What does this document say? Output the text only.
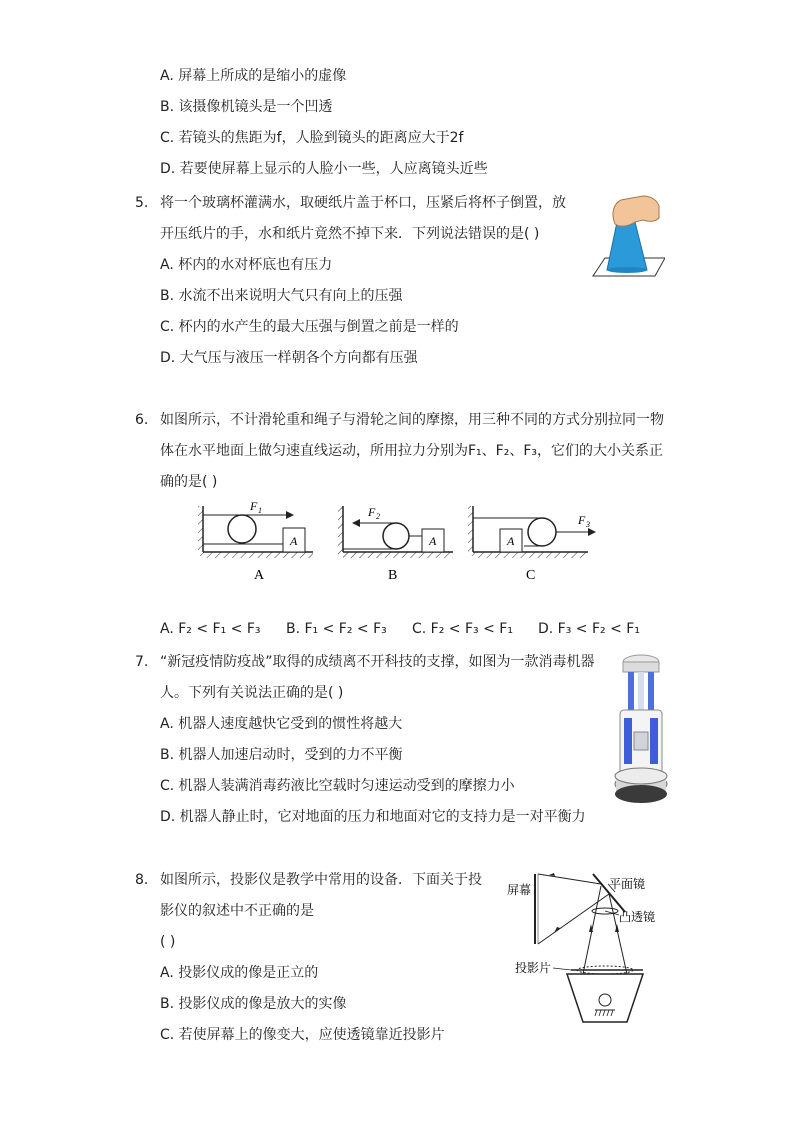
A. 屏幕上所成的是缩小的虚像
B. 该摄像机镜头是一个凹透
C. 若镜头的焦距为f，人脸到镜头的距离应大于2f
D. 若要使屏幕上显示的人脸小一些，人应离镜头近些
5. 将一个玻璃杯灌满水，取硬纸片盖于杯口，压紧后将杯子倒置，放
开压纸片的手，水和纸片竟然不掉下来．下列说法错误的是( )
A. 杯内的水对杯底也有压力
B. 水流不出来说明大气只有向上的压强
C. 杯内的水产生的最大压强与倒置之前是一样的
D. 大气压与液压一样朝各个方向都有压强
6. 如图所示，不计滑轮重和绳子与滑轮之间的摩擦，用三种不同的方式分别拉同一物
体在水平地面上做匀速直线运动，所用拉力分别为F₁、F₂、F₃，它们的大小关系正
确的是( )
A
F 1
A
A
F 2
B
A
F 3
C
A. F₂ < F₁ < F₃ B. F₁ < F₂ < F₃ C. F₂ < F₃ < F₁ D. F₃ < F₂ < F₁
7. “新冠疫情防疫战”取得的成绩离不开科技的支撑，如图为一款消毒机器
人。下列有关说法正确的是( )
A. 机器人速度越快它受到的惯性将越大
B. 机器人加速启动时，受到的力不平衡
C. 机器人装满消毒药液比空载时匀速运动受到的摩擦力小
D. 机器人静止时，它对地面的压力和地面对它的支持力是一对平衡力
8. 如图所示，投影仪是教学中常用的设备．下面关于投
影仪的叙述中不正确的是
( )
A. 投影仪成的像是正立的
B. 投影仪成的像是放大的实像
C. 若使屏幕上的像变大，应使透镜靠近投影片
屏幕	平面镜
凸透镜
投影片
